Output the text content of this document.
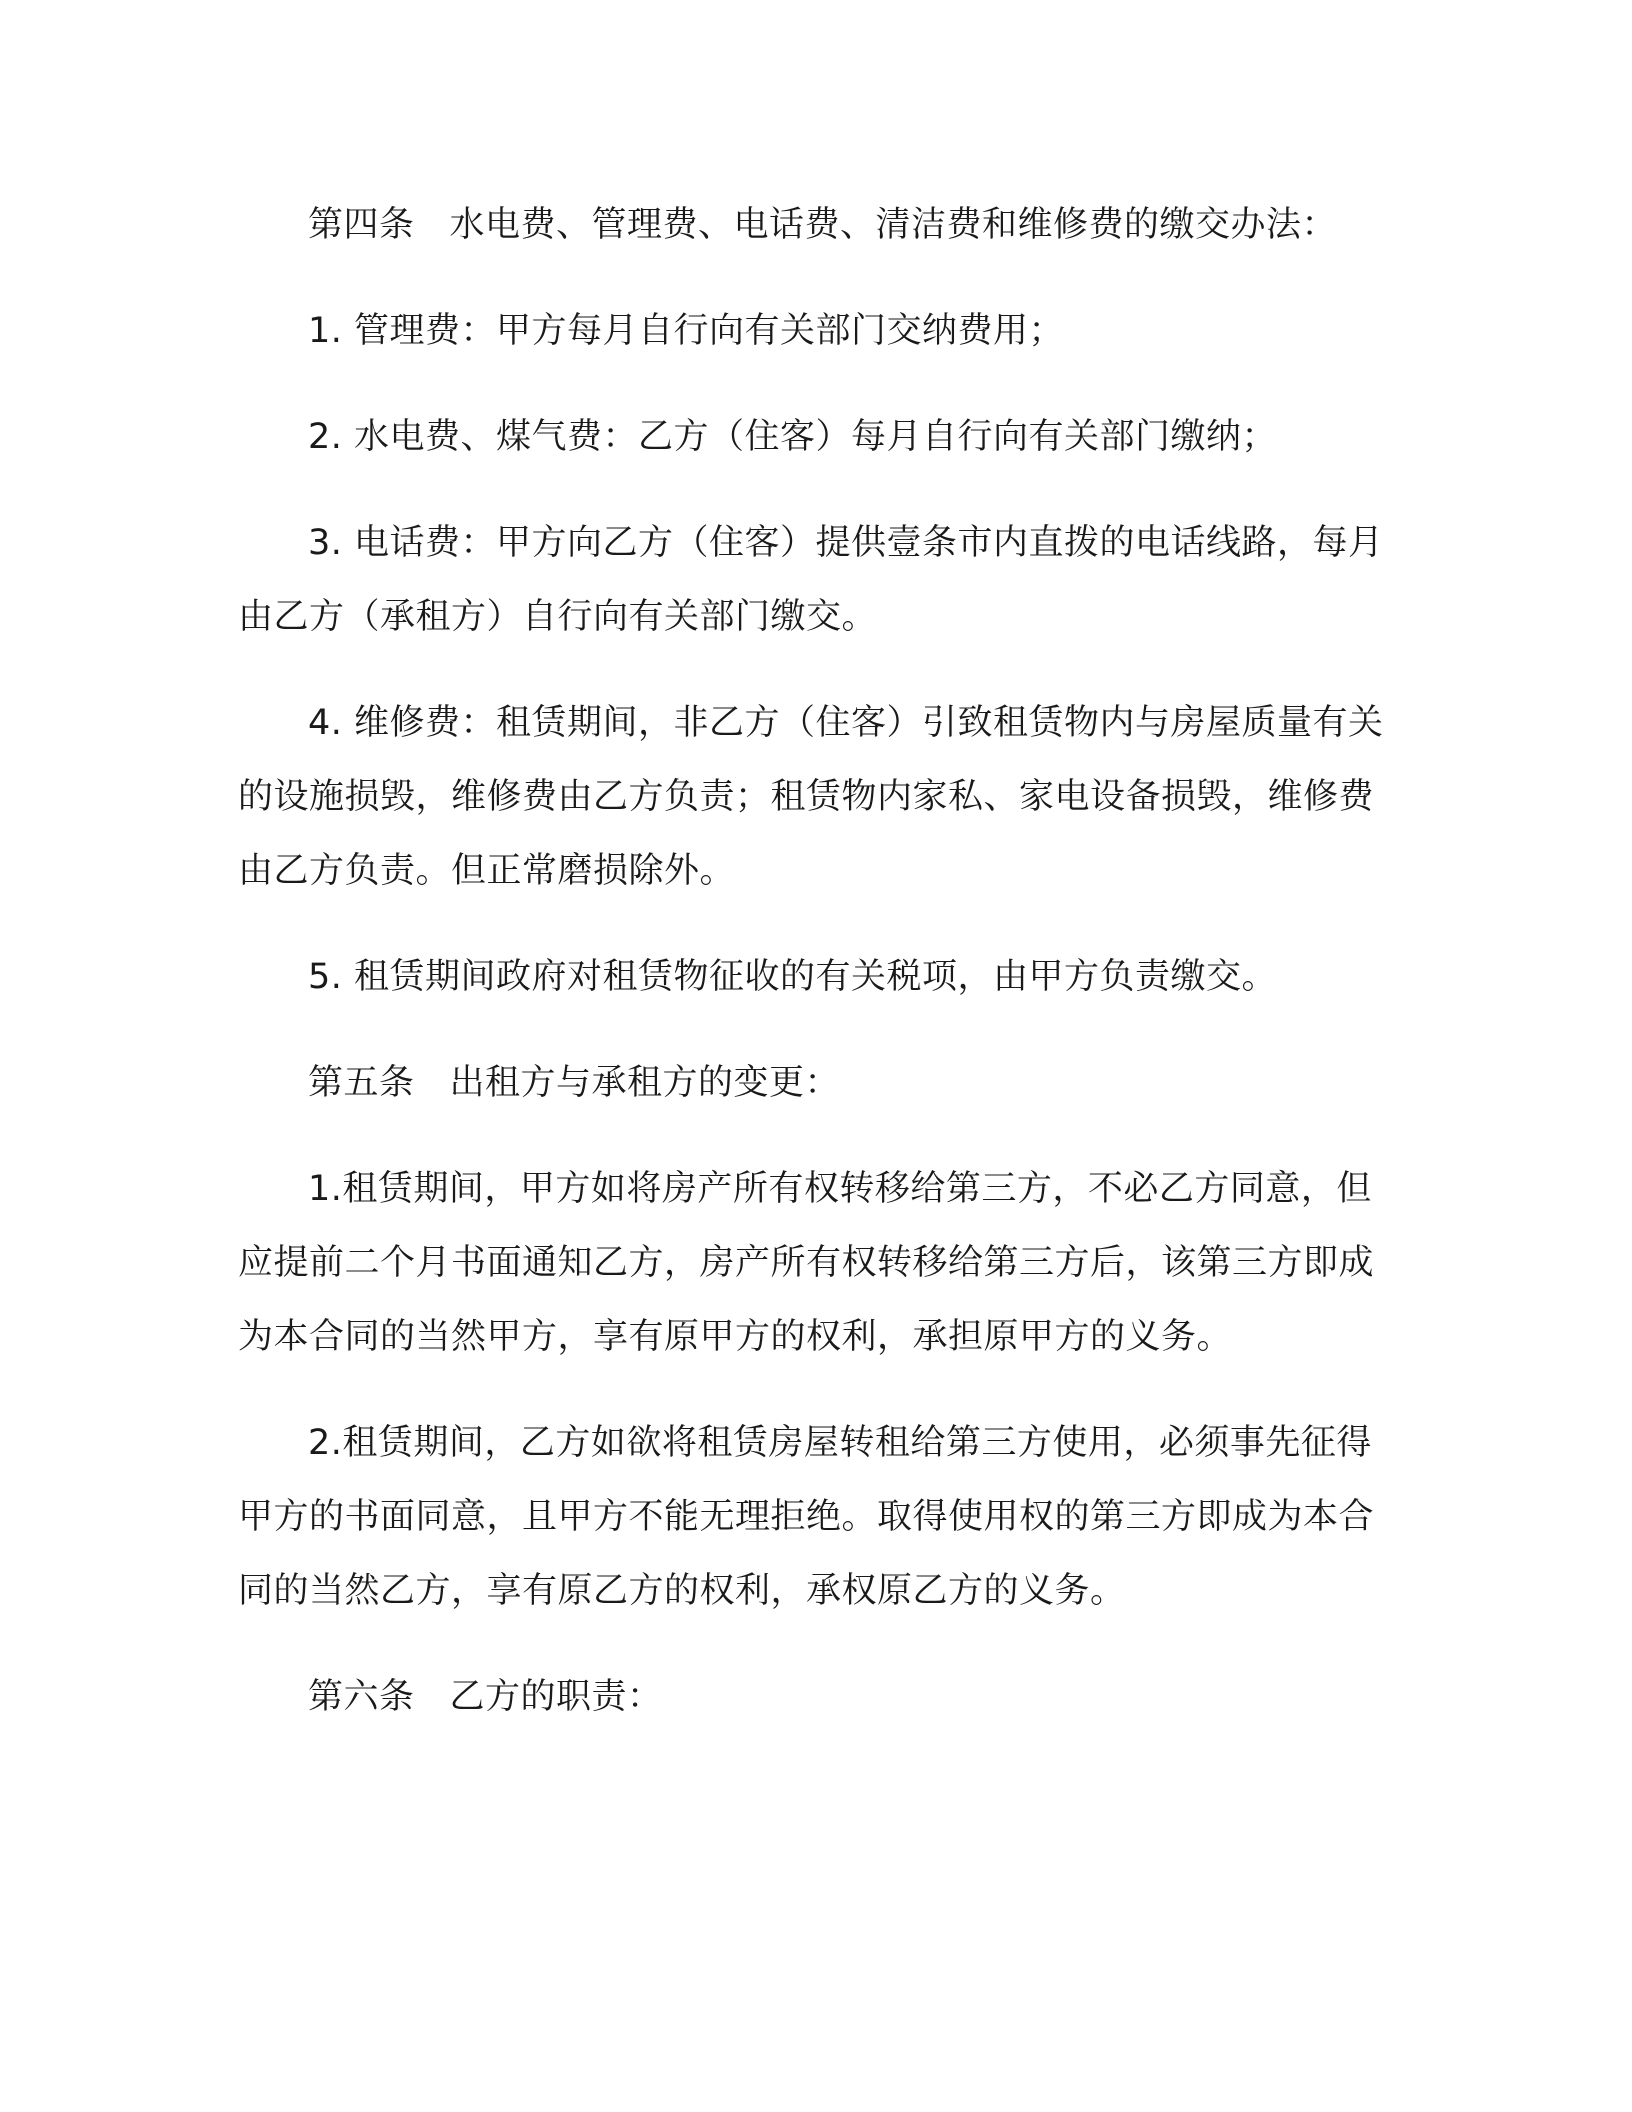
第四条 水电费、管理费、电话费、清洁费和维修费的缴交办法：

1. 管理费：甲方每月自行向有关部门交纳费用；

2. 水电费、煤气费：乙方（住客）每月自行向有关部门缴纳；

3. 电话费：甲方向乙方（住客）提供壹条市内直拨的电话线路，每月由乙方（承租方）自行向有关部门缴交。

4. 维修费：租赁期间，非乙方（住客）引致租赁物内与房屋质量有关的设施损毁，维修费由乙方负责；租赁物内家私、家电设备损毁，维修费由乙方负责。但正常磨损除外。

5. 租赁期间政府对租赁物征收的有关税项，由甲方负责缴交。

第五条 出租方与承租方的变更：

1.租赁期间，甲方如将房产所有权转移给第三方，不必乙方同意，但应提前二个月书面通知乙方，房产所有权转移给第三方后，该第三方即成为本合同的当然甲方，享有原甲方的权利，承担原甲方的义务。

2.租赁期间，乙方如欲将租赁房屋转租给第三方使用，必须事先征得甲方的书面同意，且甲方不能无理拒绝。取得使用权的第三方即成为本合同的当然乙方，享有原乙方的权利，承权原乙方的义务。

第六条 乙方的职责：
